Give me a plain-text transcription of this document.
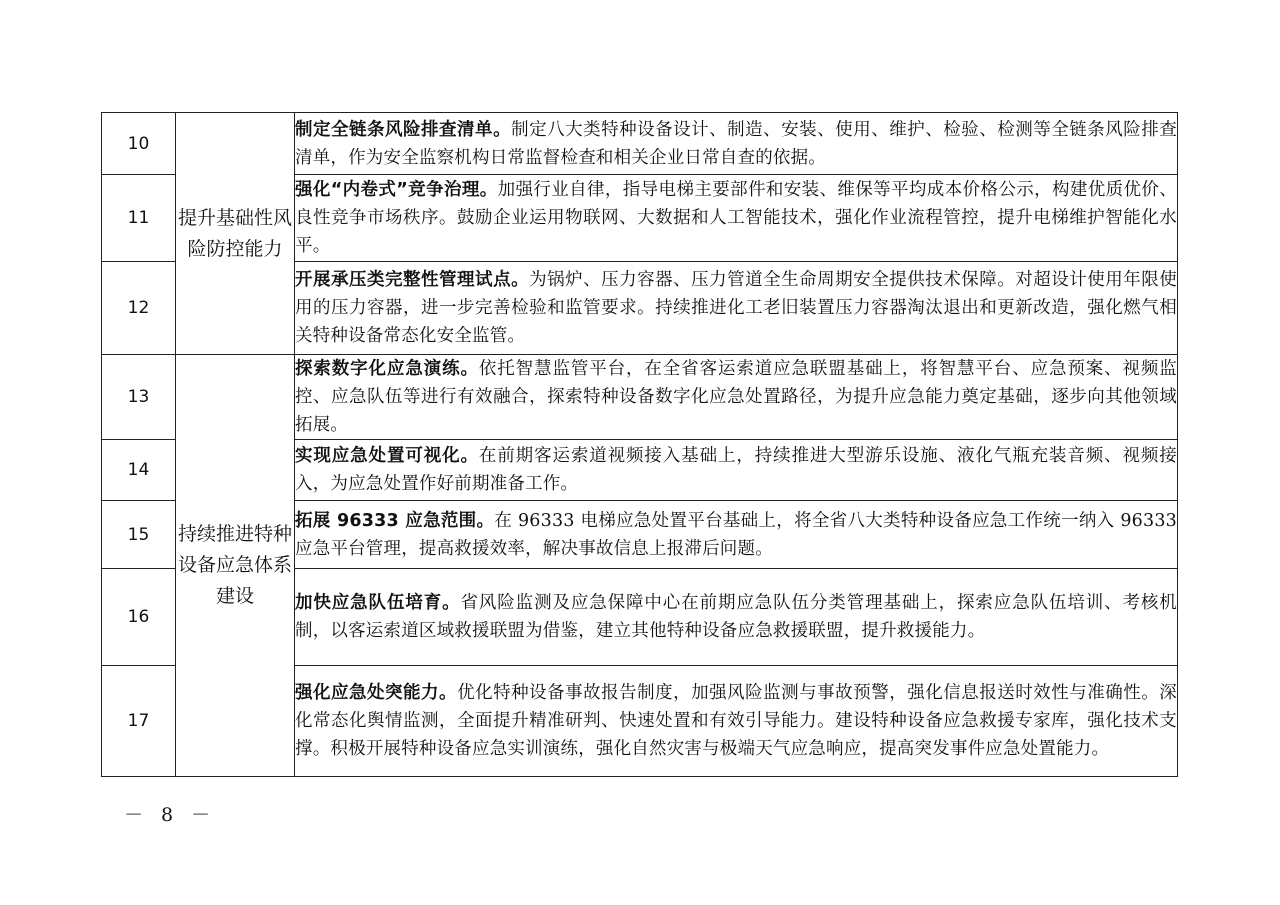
10	提升基础性风险防控能力	制定全链条风险排查清单。制定八大类特种设备设计、制造、安装、使用、维护、检验、检测等全链条风险排查清单，作为安全监察机构日常监督检查和相关企业日常自查的依据。
11		强化“内卷式”竞争治理。加强行业自律，指导电梯主要部件和安装、维保等平均成本价格公示，构建优质优价、良性竞争市场秩序。鼓励企业运用物联网、大数据和人工智能技术，强化作业流程管控，提升电梯维护智能化水平。
12		开展承压类完整性管理试点。为锅炉、压力容器、压力管道全生命周期安全提供技术保障。对超设计使用年限使用的压力容器，进一步完善检验和监管要求。持续推进化工老旧装置压力容器淘汰退出和更新改造，强化燃气相关特种设备常态化安全监管。
13	持续推进特种设备应急体系建设	探索数字化应急演练。依托智慧监管平台，在全省客运索道应急联盟基础上，将智慧平台、应急预案、视频监控、应急队伍等进行有效融合，探索特种设备数字化应急处置路径，为提升应急能力奠定基础，逐步向其他领域拓展。
14		实现应急处置可视化。在前期客运索道视频接入基础上，持续推进大型游乐设施、液化气瓶充装音频、视频接入，为应急处置作好前期准备工作。
15		拓展 96333 应急范围。在 96333 电梯应急处置平台基础上，将全省八大类特种设备应急工作统一纳入 96333 应急平台管理，提高救援效率，解决事故信息上报滞后问题。
16		加快应急队伍培育。省风险监测及应急保障中心在前期应急队伍分类管理基础上，探索应急队伍培训、考核机制，以客运索道区域救援联盟为借鉴，建立其他特种设备应急救援联盟，提升救援能力。
17		强化应急处突能力。优化特种设备事故报告制度，加强风险监测与事故预警，强化信息报送时效性与准确性。深化常态化舆情监测，全面提升精准研判、快速处置和有效引导能力。建设特种设备应急救援专家库，强化技术支撑。积极开展特种设备应急实训演练，强化自然灾害与极端天气应急响应，提高突发事件应急处置能力。
－ 8 －
